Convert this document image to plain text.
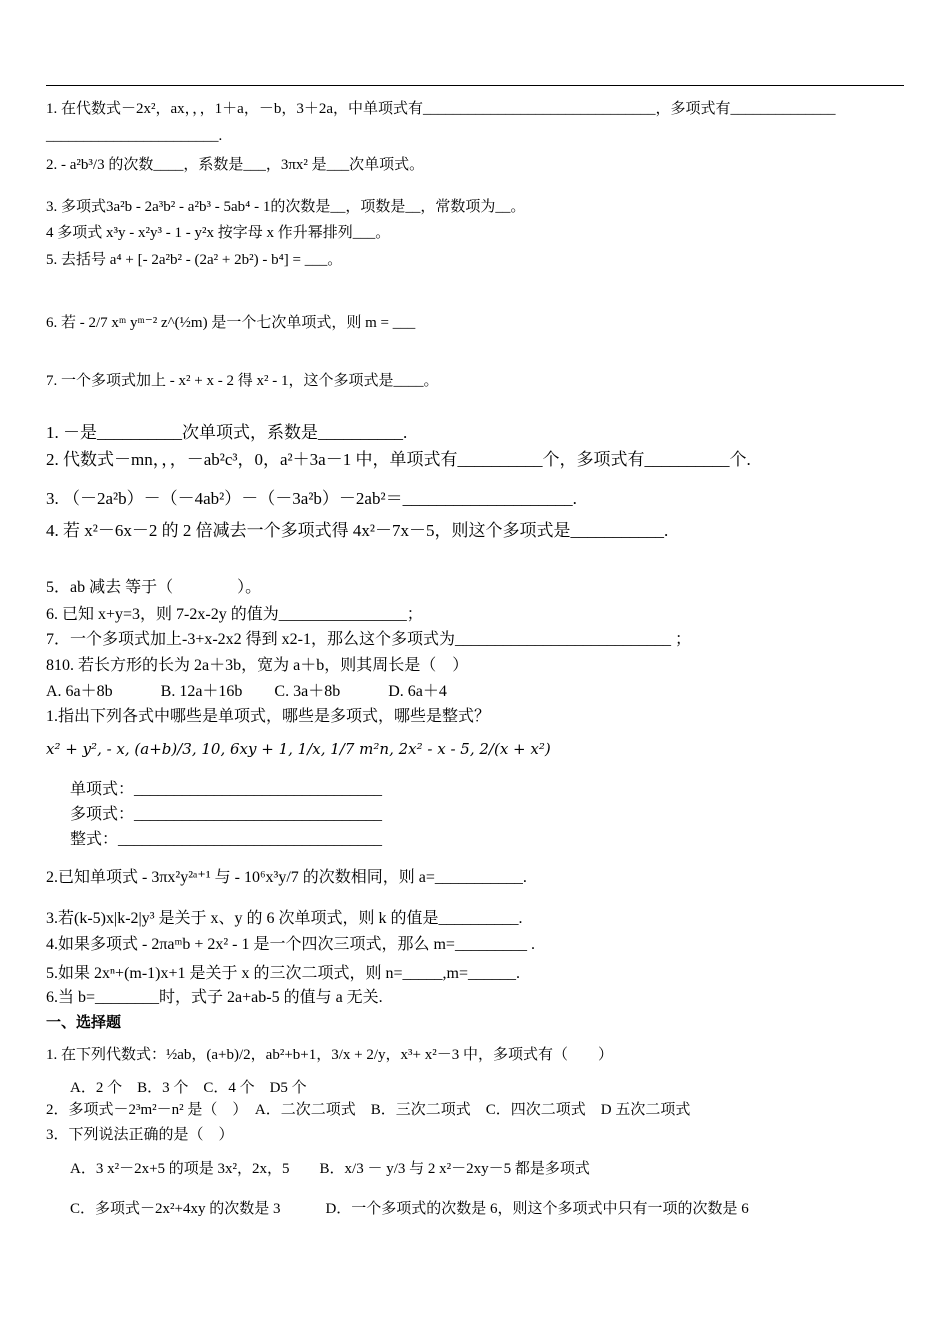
1. 在代数式－2x²，ax，，，1＋a，－b，3＋2a，中单项式有_______________________________，多项式有______________
_______________________.
2. - a²b³/3 的次数____，系数是___，3πx² 是___次单项式。
3. 多项式3a²b - 2a³b² - a²b³ - 5ab⁴ - 1的次数是__，项数是__，常数项为__。
4 多项式 x³y - x²y³ - 1 - y²x 按字母 x 作升幂排列___。
5. 去括号 a⁴ + [- 2a²b² - (2a² + 2b²) - b⁴] = ___。
6. 若 - 2/7 xᵐ yᵐ⁻² z^(½m) 是一个七次单项式，则 m = ___
7. 一个多项式加上 - x² + x - 2 得 x² - 1，这个多项式是____。
1. －是__________次单项式，系数是__________.
2. 代数式－mn，，，－ab²c³，0，a²＋3a－1 中，单项式有__________个，多项式有__________个.
3. （－2a²b）－（－4ab²）－（－3a²b）－2ab²＝____________________.
4. 若 x²－6x－2 的 2 倍减去一个多项式得 4x²－7x－5，则这个多项式是___________.
5．ab 减去 等于（　　　　）。
6. 已知 x+y=3，则 7-2x-2y 的值为________________；
7．一个多项式加上-3+x-2x2 得到 x2-1，那么这个多项式为___________________________ ；
810. 若长方形的长为 2a＋3b，宽为 a＋b，则其周长是（　）
A. 6a＋8b　　　B. 12a＋16b　　C. 3a＋8b　　　D. 6a＋4
1.指出下列各式中哪些是单项式，哪些是多项式，哪些是整式？
x² + y², - x, (a+b)/3, 10, 6xy + 1, 1/x, 1/7 m²n, 2x² - x - 5, 2/(x + x²)
单项式：_______________________________
多项式：_______________________________
整式：_________________________________
2.已知单项式 - 3πx²y²ᵃ⁺¹ 与 - 10⁶x³y/7 的次数相同，则 a=___________.
3.若(k-5)x|k-2|y³ 是关于 x、y 的 6 次单项式，则 k 的值是__________.
4.如果多项式 - 2πaᵐb + 2x² - 1 是一个四次三项式，那么 m=_________ .
5.如果 2xⁿ+(m-1)x+1 是关于 x 的三次二项式，则 n=_____,m=______.
6.当 b=________时，式子 2a+ab-5 的值与 a 无关.
一、选择题
1. 在下列代数式：½ab，(a+b)/2，ab²+b+1，3/x + 2/y，x³+ x²－3 中，多项式有（　　）
A．2 个　B．3 个　C．4 个　D5 个
2．多项式－2³m²－n² 是（　）　A．二次二项式　B．三次二项式　C．四次二项式　D 五次二项式
3．下列说法正确的是（　）
A．3 x²－2x+5 的项是 3x²，2x，5　　B．x/3 － y/3 与 2 x²－2xy－5 都是多项式
C．多项式－2x²+4xy 的次数是 3　　　D．一个多项式的次数是 6，则这个多项式中只有一项的次数是 6
